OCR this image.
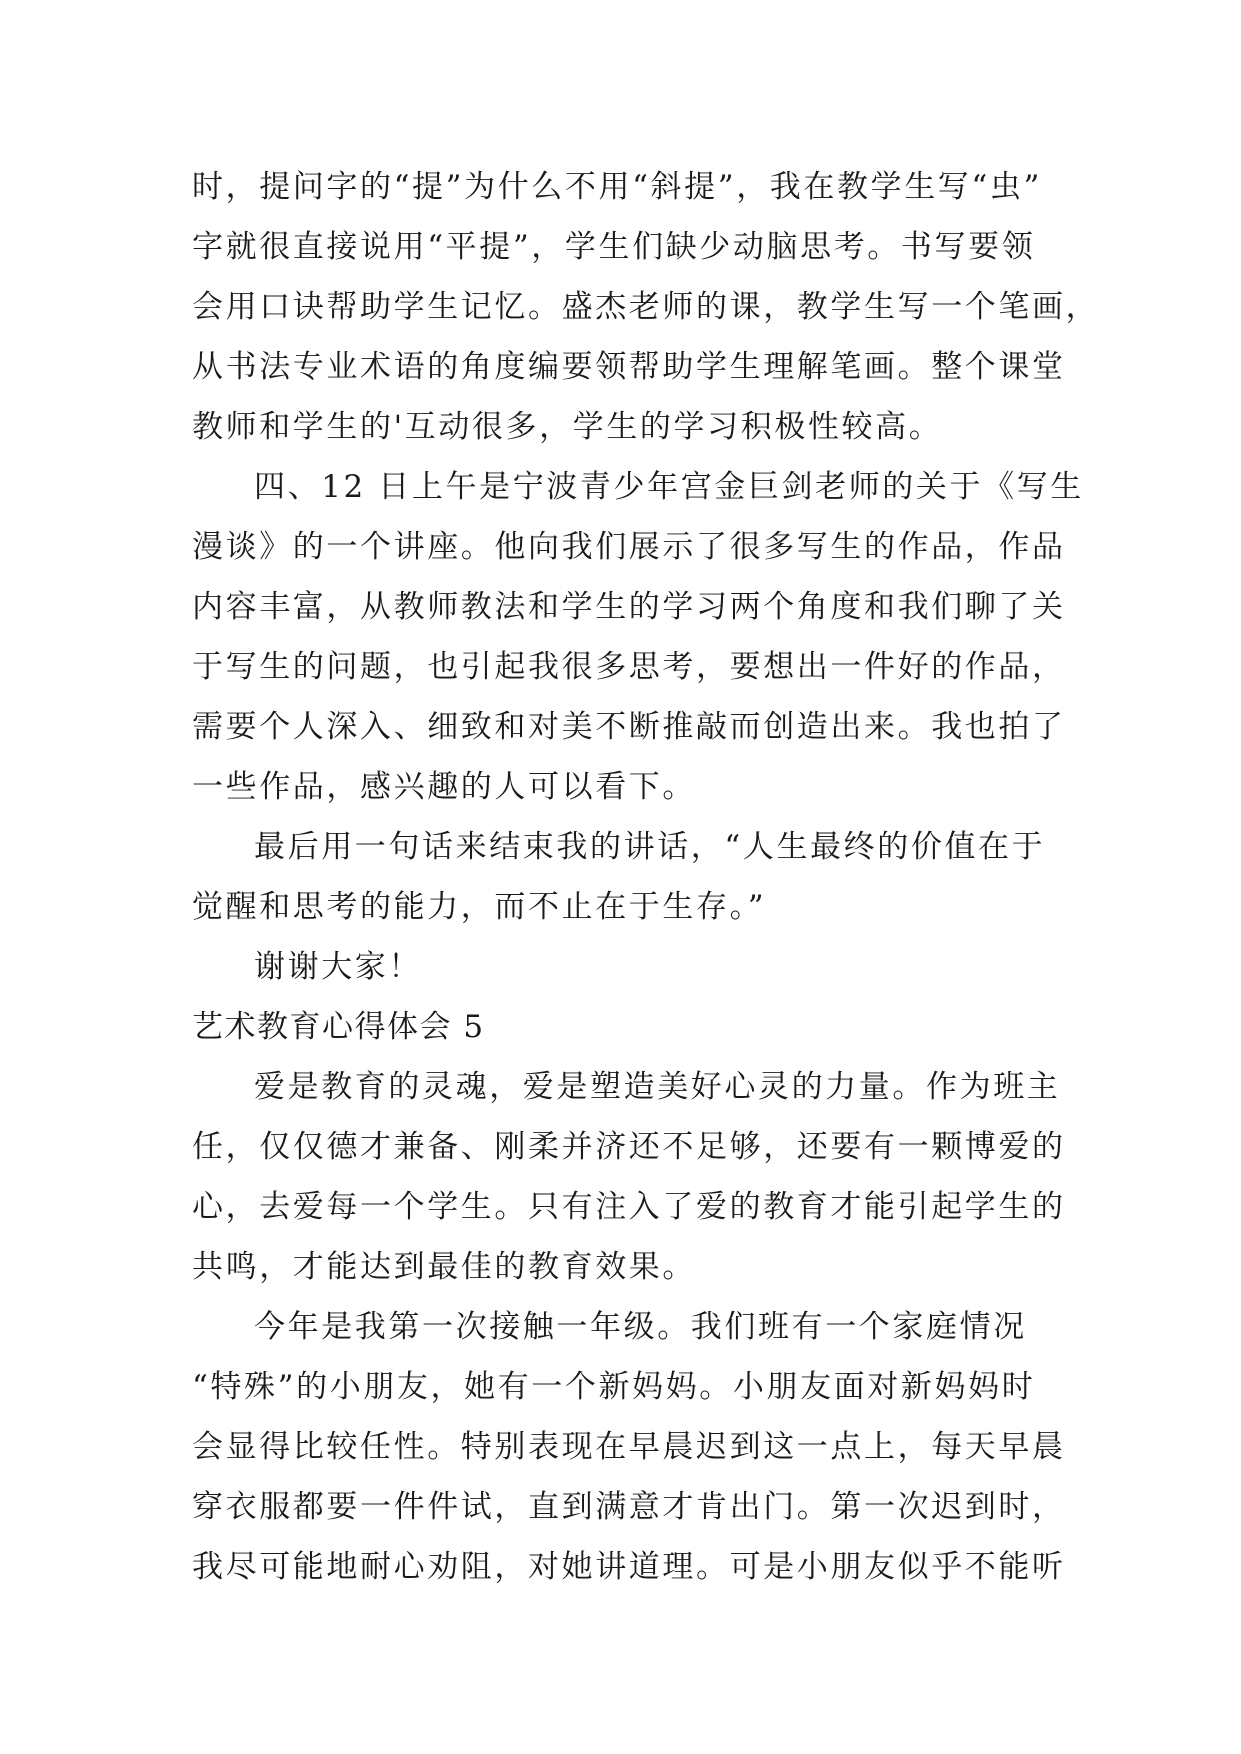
时，提问字的“提”为什么不用“斜提”，我在教学生写“虫”
字就很直接说用“平提”，学生们缺少动脑思考。书写要领
会用口诀帮助学生记忆。盛杰老师的课，教学生写一个笔画，
从书法专业术语的角度编要领帮助学生理解笔画。整个课堂
教师和学生的'互动很多，学生的学习积极性较高。
四、12 日上午是宁波青少年宫金巨剑老师的关于《写生
漫谈》的一个讲座。他向我们展示了很多写生的作品，作品
内容丰富，从教师教法和学生的学习两个角度和我们聊了关
于写生的问题，也引起我很多思考，要想出一件好的作品，
需要个人深入、细致和对美不断推敲而创造出来。我也拍了
一些作品，感兴趣的人可以看下。
最后用一句话来结束我的讲话，“人生最终的价值在于
觉醒和思考的能力，而不止在于生存。”
谢谢大家！
艺术教育心得体会 5
爱是教育的灵魂，爱是塑造美好心灵的力量。作为班主
任，仅仅德才兼备、刚柔并济还不足够，还要有一颗博爱的
心，去爱每一个学生。只有注入了爱的教育才能引起学生的
共鸣，才能达到最佳的教育效果。
今年是我第一次接触一年级。我们班有一个家庭情况
“特殊”的小朋友，她有一个新妈妈。小朋友面对新妈妈时
会显得比较任性。特别表现在早晨迟到这一点上，每天早晨
穿衣服都要一件件试，直到满意才肯出门。第一次迟到时，
我尽可能地耐心劝阻，对她讲道理。可是小朋友似乎不能听
